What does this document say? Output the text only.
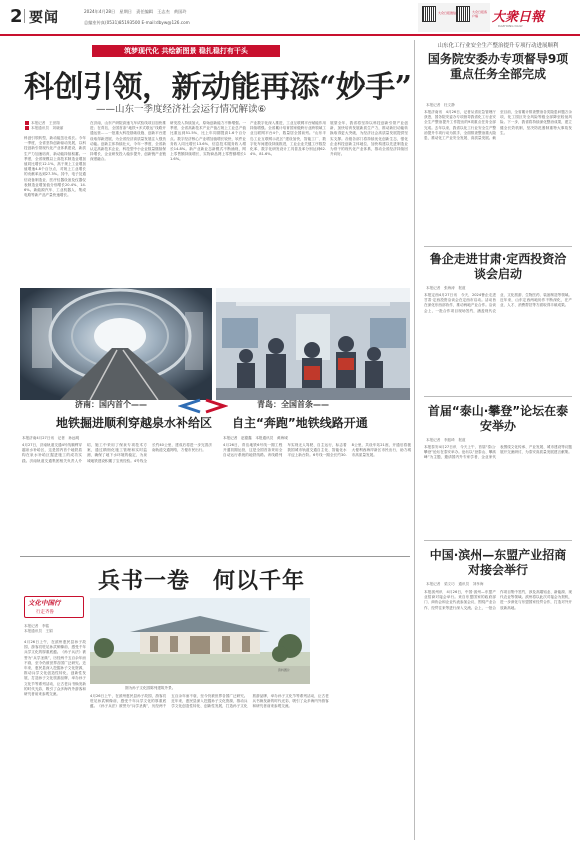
2 要闻	2024年4月28日　星期日　责任编辑　王志杰　黄国玲
总编室传真(0531)85193500 E-mail:dbyw@126.com
大众日报微信	大众日报客户端	大衆日報
DAZHONG DAILY
筑梦现代化 共绘新图景 稳扎稳打有干头
科创引领，新动能再添“妙手”
——山东一季度经济社会运行情况解读⑥
本报记者　王世翔
本报通讯员　刘晓丽
科创引领转型，新动能茁壮成长。今年一季度，全省坚持创新驱动发展，以科技创新引领现代化产业体系建设，新质生产力加速培育，新动能持续积蓄。一季度，全省规模以上高技术制造业增加值同比增长12.1%，高于规上工业增加值增速4.8个百分点，对规上工业增长的贡献率达到27.3%。其中，电子及通信设备制造业、医疗仪器设备及仪器仪表制造业增加值分别增长20.4%、14.6%。新能源汽车、工业机器人、集成电路等新产品产量快速增长。
在济南，山东产研院高速飞车试验线项目加快推进；在青岛，全国首条“地铁+多式联运”线路开通运营……一批重大科技基础设施、创新平台建设取得新进展，为全省经济高质量发展注入强劲动能。创新主体持续壮大，今年一季度，全省新认定高新技术企业、科技型中小企业数量继续保持增长，企业研发投入稳步提升，创新链产业链深度融合。
研发投入持续加大，原始创新能力不断增强。一季度，全省高新技术产业产值占规上工业总产值比重达到51.5%，比上年同期提高1.6个百分点。数字经济核心产业增加值增长较快，软件业务收入同比增长13.6%，信息技术服务收入增长14.8%。新产业新业态新模式不断涌现，网上零售额持续增长，实物商品网上零售额增长11.6%。
产业数字化深入推进，工业互联网平台赋能作用持续增强。全省累计培育国家级跨行业跨领域工业互联网平台4个，数量居全国前列。“山东半岛工业互联网示范区”建设加快，智能工厂、数字化车间建设持续推进，工业企业关键工序数控化率、数字化研发设计工具普及率分别达到62.4%、81.6%。
展望全年，我省将坚持以科技创新引领产业创新，加快培育发展新质生产力，推动新旧动能转换取得更大突破，为经济社会高质量发展提供坚实支撑。各级各部门将持续优化创新生态，强化企业科技创新主体地位，加快构建以先进制造业为骨干的现代化产业体系，推动全省经济持续回升向好。
济南：国内首个——	青岛：全国首条——
地铁掘进顺利穿越泉水补给区 自主“奔跑”地铁线路开通
本报济南4月27日讯　记者　孙远明	本报记者　赵德鑫　本报通讯员　黄海城
4月27日，济南轨道交通4号线顺利穿越泉水补给区，这是国内首个地铁盾构在泉水补给区掘进施工的成功实践。济南轨道交通集团相关负责人介绍，施工中采用了保泉专项技术方案，通过精细化施工管理和实时监测，确保了地下水环境的稳定，为泉城地铁建设积累了宝贵经验。4号线全长约40公里，建成后将进一步完善济南轨道交通网络，方便市民出行。
4月26日，青岛地铁6号线一期工程开通初期运营，这是全国首条采用全自动运行系统的地铁线路。该线路列车实现无人驾驶、自主运行，标志着我国城市轨道交通自主化、智能化水平迈上新台阶。6号线一期全长约30.8公里，共设车站21座，开通后将极大便利西海岸新区市民出行，助力城市高质量发展。
兵书一卷　何以千年
文化中国行
行走齐鲁
本报记者　李铭
本报通讯员　王娟
4月26日上午，在滨州惠民县孙子故园，游客们驻足孙武铜像前，感受千年兵学文化的厚重底蕴。《孙子兵法》被誉为“兵学圣典”，历经两千五百余年而不衰，至今仍被世界各国广泛研究。近年来，惠民县深入挖掘孙子文化资源，推动兵学文化创造性转化、创新性发展，打造孙子文化旅游品牌，举办孙子文化节等系列活动，让古老兵书焕发新的时代光彩，吸引了众多海内外游客和研究者前来参观交流。
图为孙子文化园陈列建筑外景。
资料图片
4月26日上午，在滨州惠民县孙子故园，游客们驻足孙武铜像前，感受千年兵学文化的厚重底蕴。《孙子兵法》被誉为“兵学圣典”，历经两千五百余年而不衰，至今仍被世界各国广泛研究。近年来，惠民县深入挖掘孙子文化资源，推动兵学文化创造性转化、创新性发展，打造孙子文化旅游品牌，举办孙子文化节等系列活动，让古老兵书焕发新的时代光彩，吸引了众多海内外游客和研究者前来参观交流。
山东化工行业安全生产整治提升专项行动进展顺利
国务院安委办专项督导9项重点任务全部完成
本报记者　杜文静
本报济南讯　4月26日，记者从省应急管理厅获悉，国务院安委办专项督导我省化工行业安全生产整治提升工作提出的9项重点任务全部完成。去年以来，我省以化工行业安全生产整治提升专项行动为抓手，全面排查整治重大隐患，推动化工产业安全发展、高质量发展。截至目前，全省累计排查整治各类隐患问题万余项，化工园区安全风险等级全部降至较低风险。下一步，我省将持续深化整治成果，建立健全长效机制，坚决防范遏制重特大事故发生。
鲁企走进甘肃·定西投资洽谈会启动
本报记者　张海涛　报道
本报定西4月27日讯　今天，2024鲁企走进甘肃·定西投资洽谈会在定西市启动。活动旨在深化东西部协作，推动两地产业合作。洽谈会上，一批合作项目现场签约，涵盖现代农业、文化旅游、生物医药、装备制造等领域。近年来，山东定西两地协作不断深化，在产业、人才、消费帮扶等方面取得丰硕成果。
首届“泰山·攀登”论坛在泰安举办
本报记者　李振琦　报道
本报泰安4月27日讯　今天上午，首届“泰山·攀登”论坛在泰安举办。论坛以“登泰山、攀高峰”为主题，邀请国内外专家学者、企业家代表围绕文化传承、产业发展、城市建设等议题展开交流研讨，为泰安高质量发展建言献策。
中国·滨州—东盟产业招商对接会举行
本报记者　梁文巧　通讯员　刘孝海
本报滨州讯　4月26日，中国·滨州—东盟产业招商对接会举行。来自东盟国家的政府部门、商协会和企业代表参加会议，围绕产业合作、经贸往来等进行深入交流。会上，一批合作项目集中签约，涉及高端铝业、新能源、现代农业等领域。滨州将以此次对接会为契机，进一步深化与东盟国家经贸合作，打造对外开放新高地。
